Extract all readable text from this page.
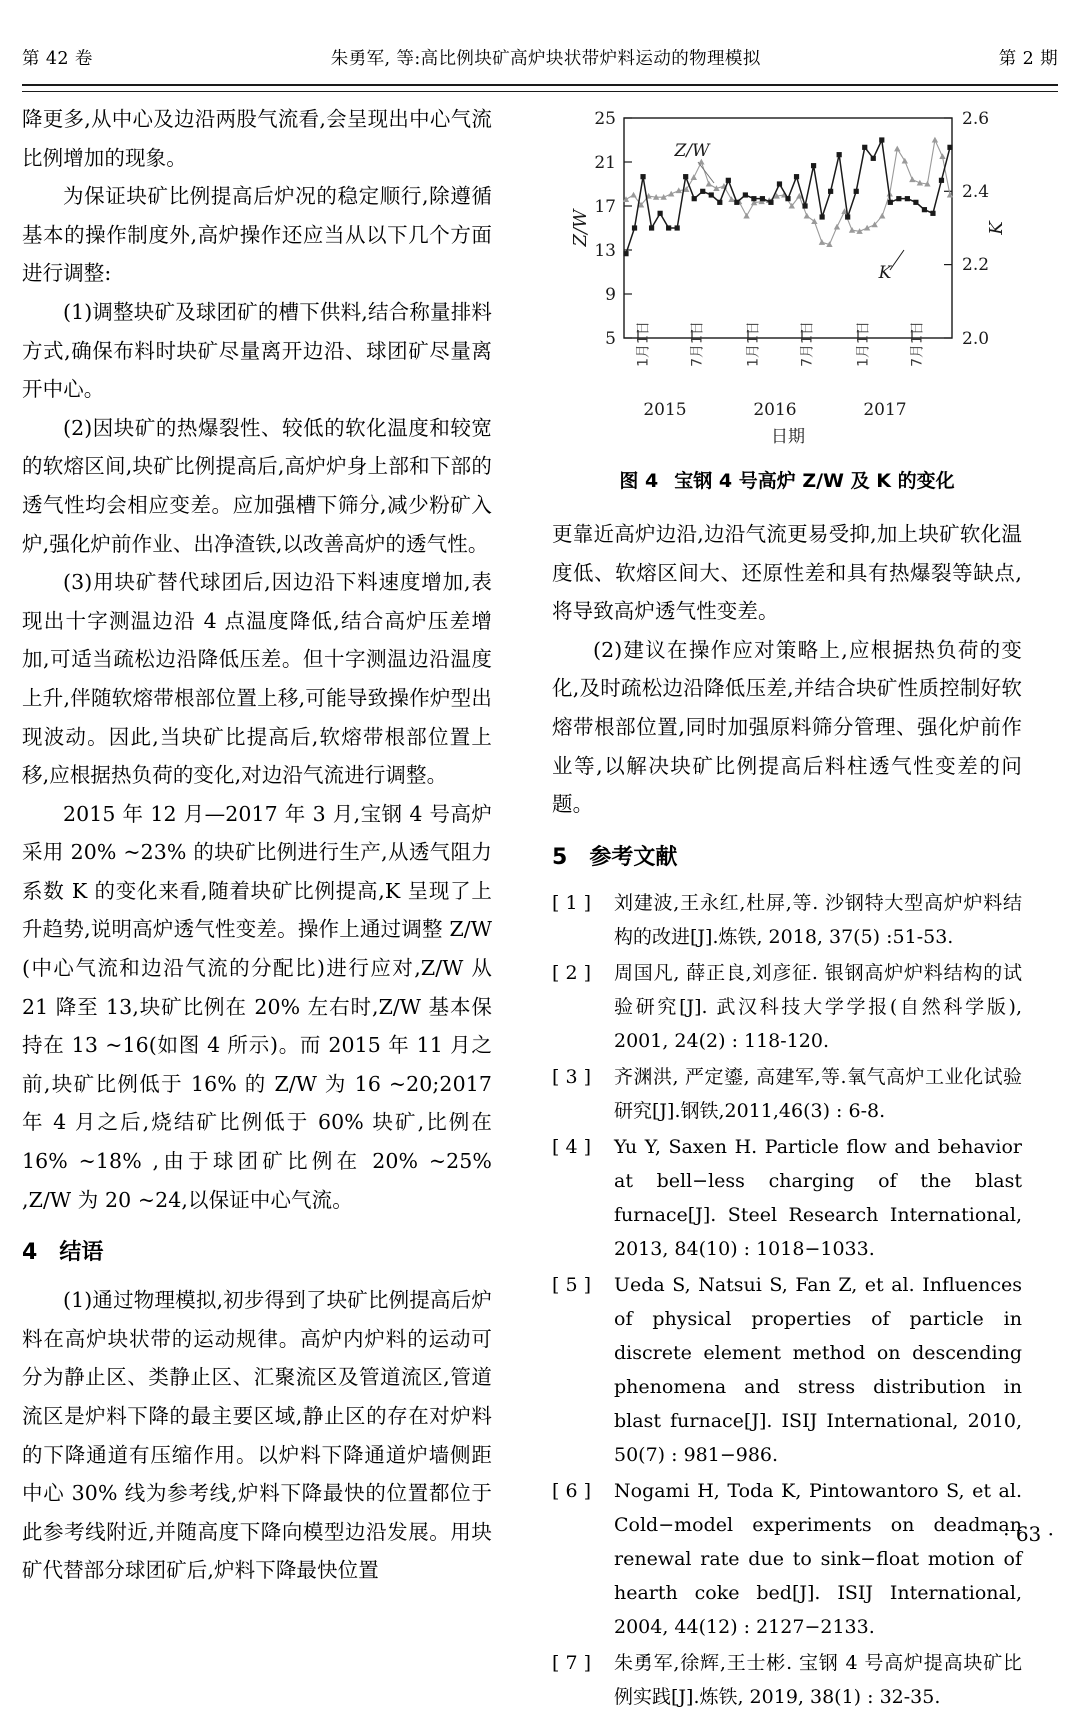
第 42 卷	朱勇军, 等:高比例块矿高炉块状带炉料运动的物理模拟	第 2 期

降更多,从中心及边沿两股气流看,会呈现出中心气流比例增加的现象。

为保证块矿比例提高后炉况的稳定顺行,除遵循基本的操作制度外,高炉操作还应当从以下几个方面进行调整:

(1)调整块矿及球团矿的槽下供料,结合称量排料方式,确保布料时块矿尽量离开边沿、球团矿尽量离开中心。

(2)因块矿的热爆裂性、较低的软化温度和较宽的软熔区间,块矿比例提高后,高炉炉身上部和下部的透气性均会相应变差。应加强槽下筛分,减少粉矿入炉,强化炉前作业、出净渣铁,以改善高炉的透气性。

(3)用块矿替代球团后,因边沿下料速度增加,表现出十字测温边沿 4 点温度降低,结合高炉压差增加,可适当疏松边沿降低压差。但十字测温边沿温度上升,伴随软熔带根部位置上移,可能导致操作炉型出现波动。因此,当块矿比提高后,软熔带根部位置上移,应根据热负荷的变化,对边沿气流进行调整。

2015 年 12 月—2017 年 3 月,宝钢 4 号高炉采用 20% ~23% 的块矿比例进行生产,从透气阻力系数 K 的变化来看,随着块矿比例提高,K 呈现了上升趋势,说明高炉透气性变差。操作上通过调整 Z/W (中心气流和边沿气流的分配比)进行应对,Z/W 从 21 降至 13,块矿比例在 20% 左右时,Z/W 基本保持在 13 ~16(如图 4 所示)。而 2015 年 11 月之前,块矿比例低于 16% 的 Z/W 为 16 ~20;2017 年 4 月之后,烧结矿比例低于 60% 块矿,比例在 16% ~18% ,由于球团矿比例在 20% ~25% ,Z/W 为 20 ~24,以保证中心气流。

4 结语

(1)通过物理模拟,初步得到了块矿比例提高后炉料在高炉块状带的运动规律。高炉内炉料的运动可分为静止区、类静止区、汇聚流区及管道流区,管道流区是炉料下降的最主要区域,静止区的存在对炉料的下降通道有压缩作用。以炉料下降通道炉墙侧距中心 30% 线为参考线,炉料下降最快的位置都位于此参考线附近,并随高度下降向模型边沿发展。用块矿代替部分球团矿后,炉料下降最快位置

25
21
17
13
9
5
2.6
2.4
2.2
2.0
Z/W	K
1月1日	7月1日	1月1日	7月1日	1月1日	7月1日
2015	2016	2017
日期
Z/W
K
图 4 宝钢 4 号高炉 Z/W 及 K 的变化

更靠近高炉边沿,边沿气流更易受抑,加上块矿软化温度低、软熔区间大、还原性差和具有热爆裂等缺点,将导致高炉透气性变差。

(2)建议在操作应对策略上,应根据热负荷的变化,及时疏松边沿降低压差,并结合块矿性质控制好软熔带根部位置,同时加强原料筛分管理、强化炉前作业等,以解决块矿比例提高后料柱透气性变差的问题。

5 参考文献
[ 1 ]	刘建波,王永红,杜屏,等. 沙钢特大型高炉炉料结构的改进[J].炼铁, 2018, 37(5) :51-53.
[ 2 ]	周国凡, 薛正良,刘彦征. 银钢高炉炉料结构的试验研究[J]. 武汉科技大学学报(自然科学版), 2001, 24(2) : 118-120.
[ 3 ]	齐渊洪, 严定鎏, 高建军,等.氧气高炉工业化试验研究[J].钢铁,2011,46(3) : 6-8.
[ 4 ]	Yu Y, Saxen H. Particle flow and behavior at bell−less charging of the blast furnace[J]. Steel Research International, 2013, 84(10) : 1018−1033.
[ 5 ]	Ueda S, Natsui S, Fan Z, et al. Influences of physical properties of particle in discrete element method on descending phenomena and stress distribution in blast furnace[J]. ISIJ International, 2010, 50(7) : 981−986.
[ 6 ]	Nogami H, Toda K, Pintowantoro S, et al. Cold−model experiments on deadman renewal rate due to sink−float motion of hearth coke bed[J]. ISIJ International, 2004, 44(12) : 2127−2133.
[ 7 ]	朱勇军,徐辉,王士彬. 宝钢 4 号高炉提高块矿比例实践[J].炼铁, 2019, 38(1) : 32-35.
· 63 ·
